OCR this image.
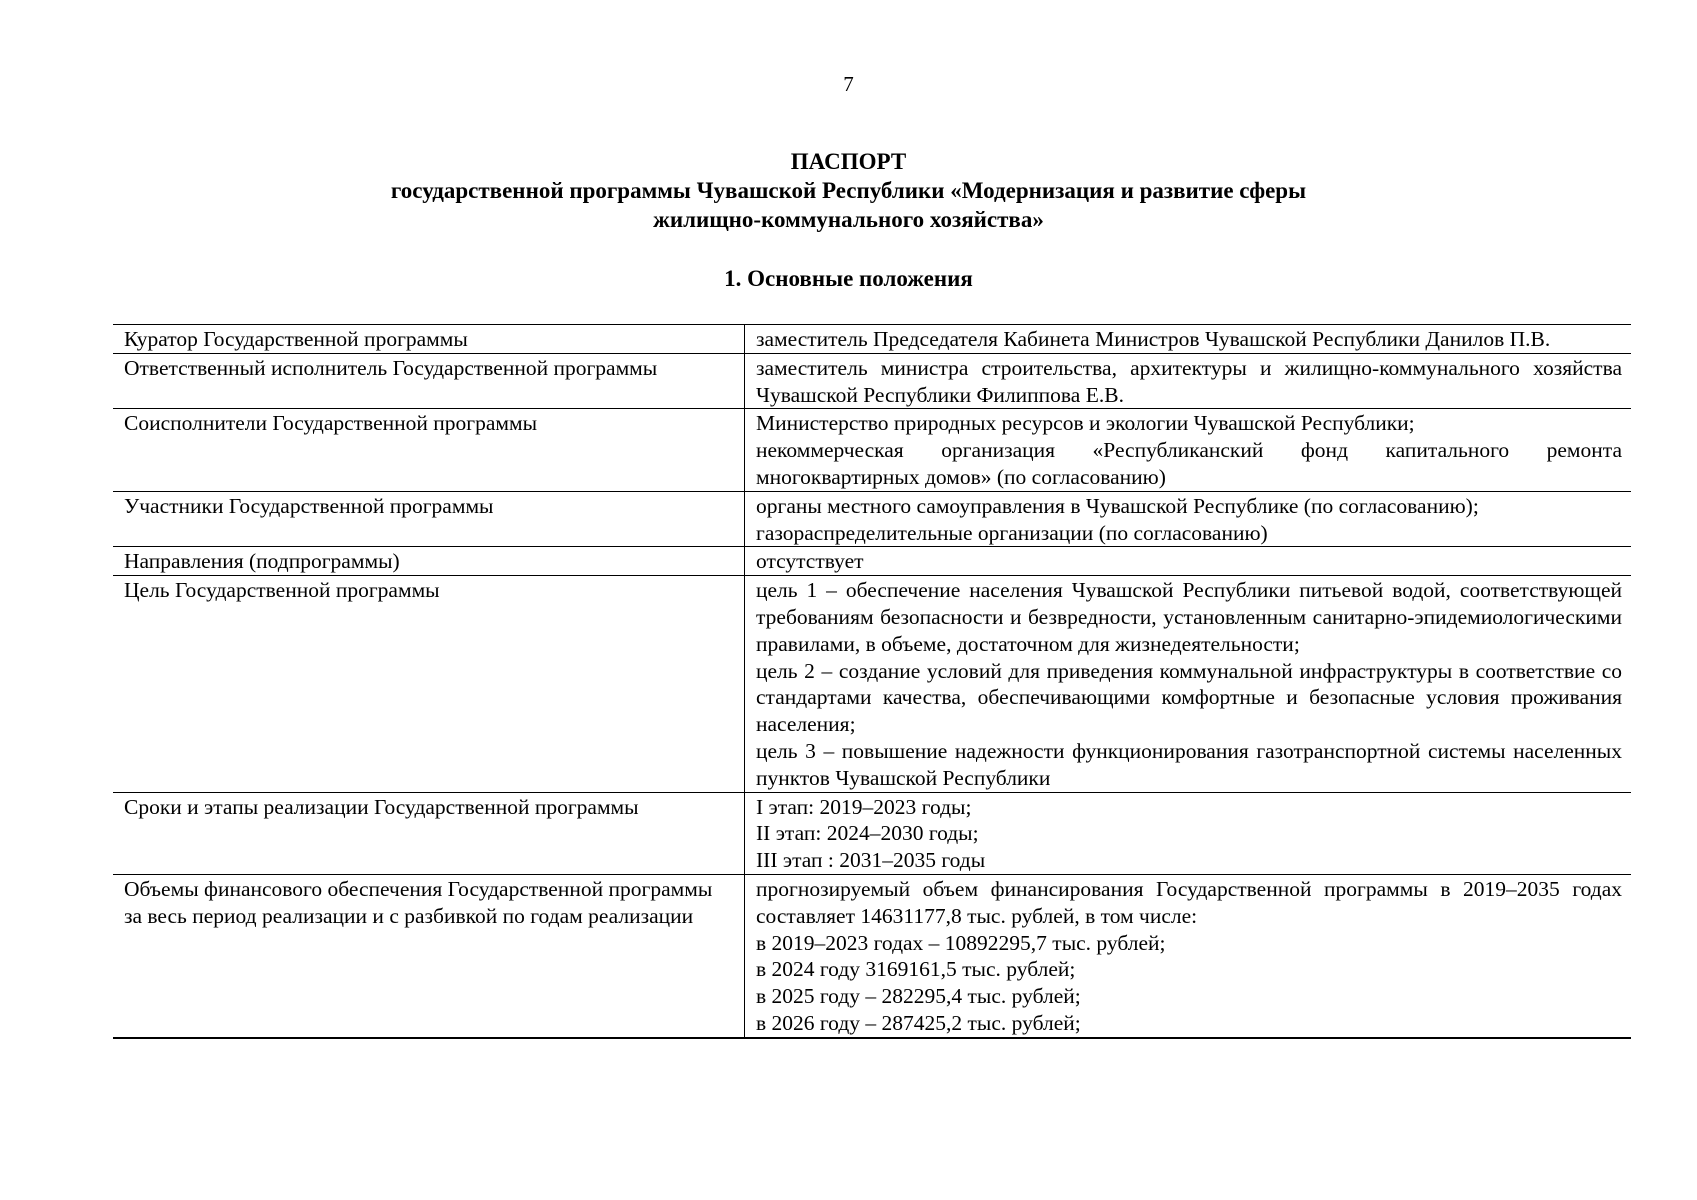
7
ПАСПОРТ
государственной программы Чувашской Республики «Модернизация и развитие сферы
жилищно-коммунального хозяйства»
1. Основные положения
Куратор Государственной программы	заместитель Председателя Кабинета Министров Чувашской Республики Данилов П.В.

Ответственный исполнитель Государственной программы	заместитель министра строительства, архитектуры и жилищно-коммунального хозяйства Чувашской Республики Филиппова Е.В.

Соисполнители Государственной программы	Министерство природных ресурсов и экологии Чувашской Республики;
некоммерческая организация «Республиканский фонд капитального ремонта многоквартирных домов» (по согласованию)

Участники Государственной программы	органы местного самоуправления в Чувашской Республике (по согласованию);
газораспределительные организации (по согласованию)

Направления (подпрограммы)	отсутствует

Цель Государственной программы	цель 1 – обеспечение населения Чувашской Республики питьевой водой, соответствующей требованиям безопасности и безвредности, установленным санитарно-эпидемиологическими правилами, в объеме, достаточном для жизнедеятельности;
цель 2 – создание условий для приведения коммунальной инфраструктуры в соответствие со стандартами качества, обеспечивающими комфортные и безопасные условия проживания населения;
цель 3 – повышение надежности функционирования газотранспортной системы населенных пунктов Чувашской Республики

Сроки и этапы реализации Государственной программы	I этап: 2019–2023 годы;
II этап: 2024–2030 годы;
III этап : 2031–2035 годы

Объемы финансового обеспечения Государственной программы за весь период реализации и с разбивкой по годам реализации	прогнозируемый объем финансирования Государственной программы в 2019–2035 годах составляет 14631177,8 тыс. рублей, в том числе:
в 2019–2023 годах – 10892295,7 тыс. рублей;
в 2024 году 3169161,5 тыс. рублей;
в 2025 году – 282295,4 тыс. рублей;
в 2026 году – 287425,2 тыс. рублей;
